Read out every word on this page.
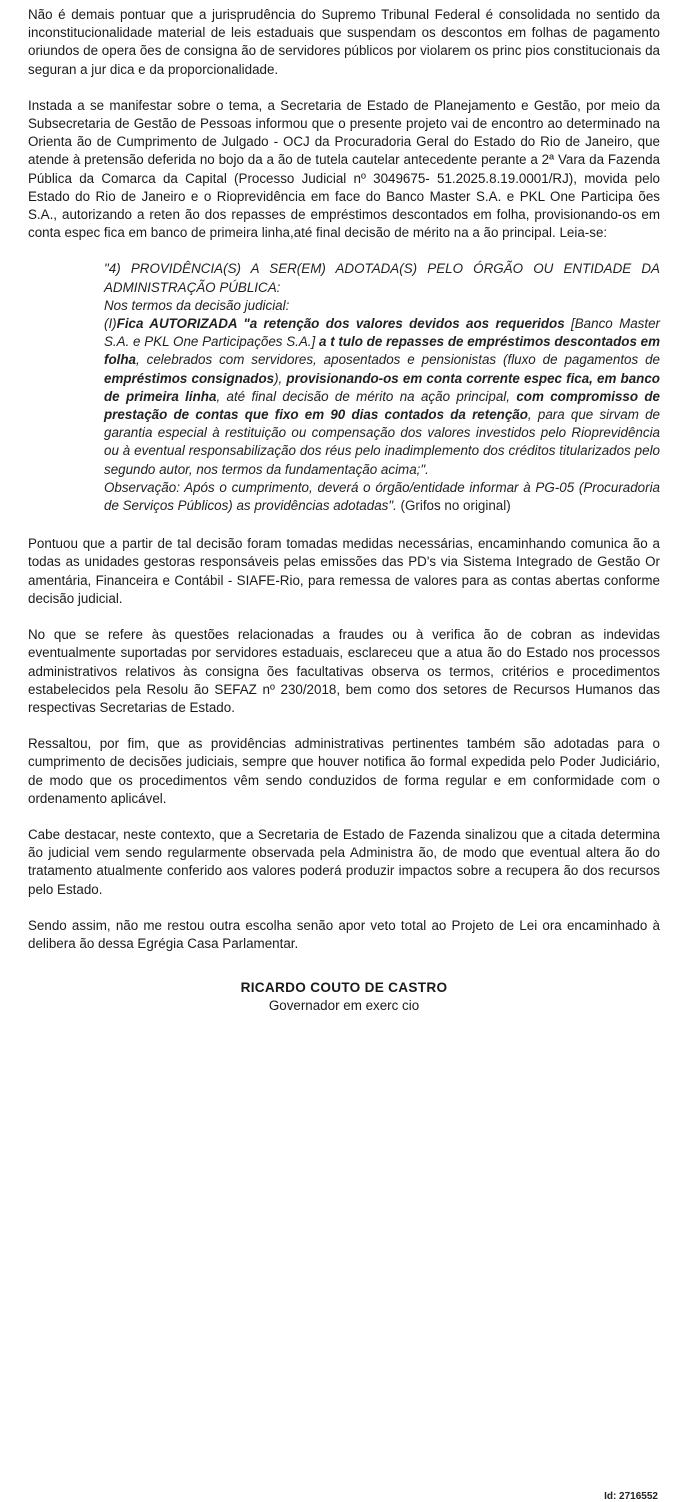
Não é demais pontuar que a jurisprudência do Supremo Tribunal Federal é consolidada no sentido da inconstitucionalidade material de leis estaduais que suspendam os descontos em folhas de pagamento oriundos de opera ões de consigna ão de servidores públicos por violarem os princ pios constitucionais da seguran a jur dica e da proporcionalidade.

Instada a se manifestar sobre o tema, a Secretaria de Estado de Planejamento e Gestão, por meio da Subsecretaria de Gestão de Pessoas informou que o presente projeto vai de encontro ao determinado na Orienta ão de Cumprimento de Julgado - OCJ da Procuradoria Geral do Estado do Rio de Janeiro, que atende à pretensão deferida no bojo da a ão de tutela cautelar antecedente perante a 2ª Vara da Fazenda Pública da Comarca da Capital (Processo Judicial nº 3049675- 51.2025.8.19.0001/RJ), movida pelo Estado do Rio de Janeiro e o Rioprevidência em face do Banco Master S.A. e PKL One Participa ões S.A., autorizando a reten ão dos repasses de empréstimos descontados em folha, provisionando-os em conta espec fica em banco de primeira linha,até final decisão de mérito na a ão principal. Leia-se:

"4) PROVIDÊNCIA(S) A SER(EM) ADOTADA(S) PELO ÓRGÃO OU ENTIDADE DA ADMINISTRAÇÃO PÚBLICA:

Nos termos da decisão judicial:

(I)Fica AUTORIZADA "a retenção dos valores devidos aos requeridos [Banco Master S.A. e PKL One Participações S.A.] a t tulo de repasses de empréstimos descontados em folha, celebrados com servidores, aposentados e pensionistas (fluxo de pagamentos de empréstimos consignados), provisionando-os em conta corrente espec fica, em banco de primeira linha, até final decisão de mérito na ação principal, com compromisso de prestação de contas que fixo em 90 dias contados da retenção, para que sirvam de garantia especial à restituição ou compensação dos valores investidos pelo Rioprevidência ou à eventual responsabilização dos réus pelo inadimplemento dos créditos titularizados pelo segundo autor, nos termos da fundamentação acima;".

Observação: Após o cumprimento, deverá o órgão/entidade informar à PG-05 (Procuradoria de Serviços Públicos) as providências adotadas". (Grifos no original)

Pontuou que a partir de tal decisão foram tomadas medidas necessárias, encaminhando comunica ão a todas as unidades gestoras responsáveis pelas emissões das PD's via Sistema Integrado de Gestão Or amentária, Financeira e Contábil - SIAFE-Rio, para remessa de valores para as contas abertas conforme decisão judicial.

No que se refere às questões relacionadas a fraudes ou à verifica ão de cobran as indevidas eventualmente suportadas por servidores estaduais, esclareceu que a atua ão do Estado nos processos administrativos relativos às consigna ões facultativas observa os termos, critérios e procedimentos estabelecidos pela Resolu ão SEFAZ nº 230/2018, bem como dos setores de Recursos Humanos das respectivas Secretarias de Estado.

Ressaltou, por fim, que as providências administrativas pertinentes também são adotadas para o cumprimento de decisões judiciais, sempre que houver notifica ão formal expedida pelo Poder Judiciário, de modo que os procedimentos vêm sendo conduzidos de forma regular e em conformidade com o ordenamento aplicável.

Cabe destacar, neste contexto, que a Secretaria de Estado de Fazenda sinalizou que a citada determina ão judicial vem sendo regularmente observada pela Administra ão, de modo que eventual altera ão do tratamento atualmente conferido aos valores poderá produzir impactos sobre a recupera ão dos recursos pelo Estado.

Sendo assim, não me restou outra escolha senão apor veto total ao Projeto de Lei ora encaminhado à delibera ão dessa Egrégia Casa Parlamentar.

RICARDO COUTO DE CASTRO
Governador em exerc cio
Id: 2716552
